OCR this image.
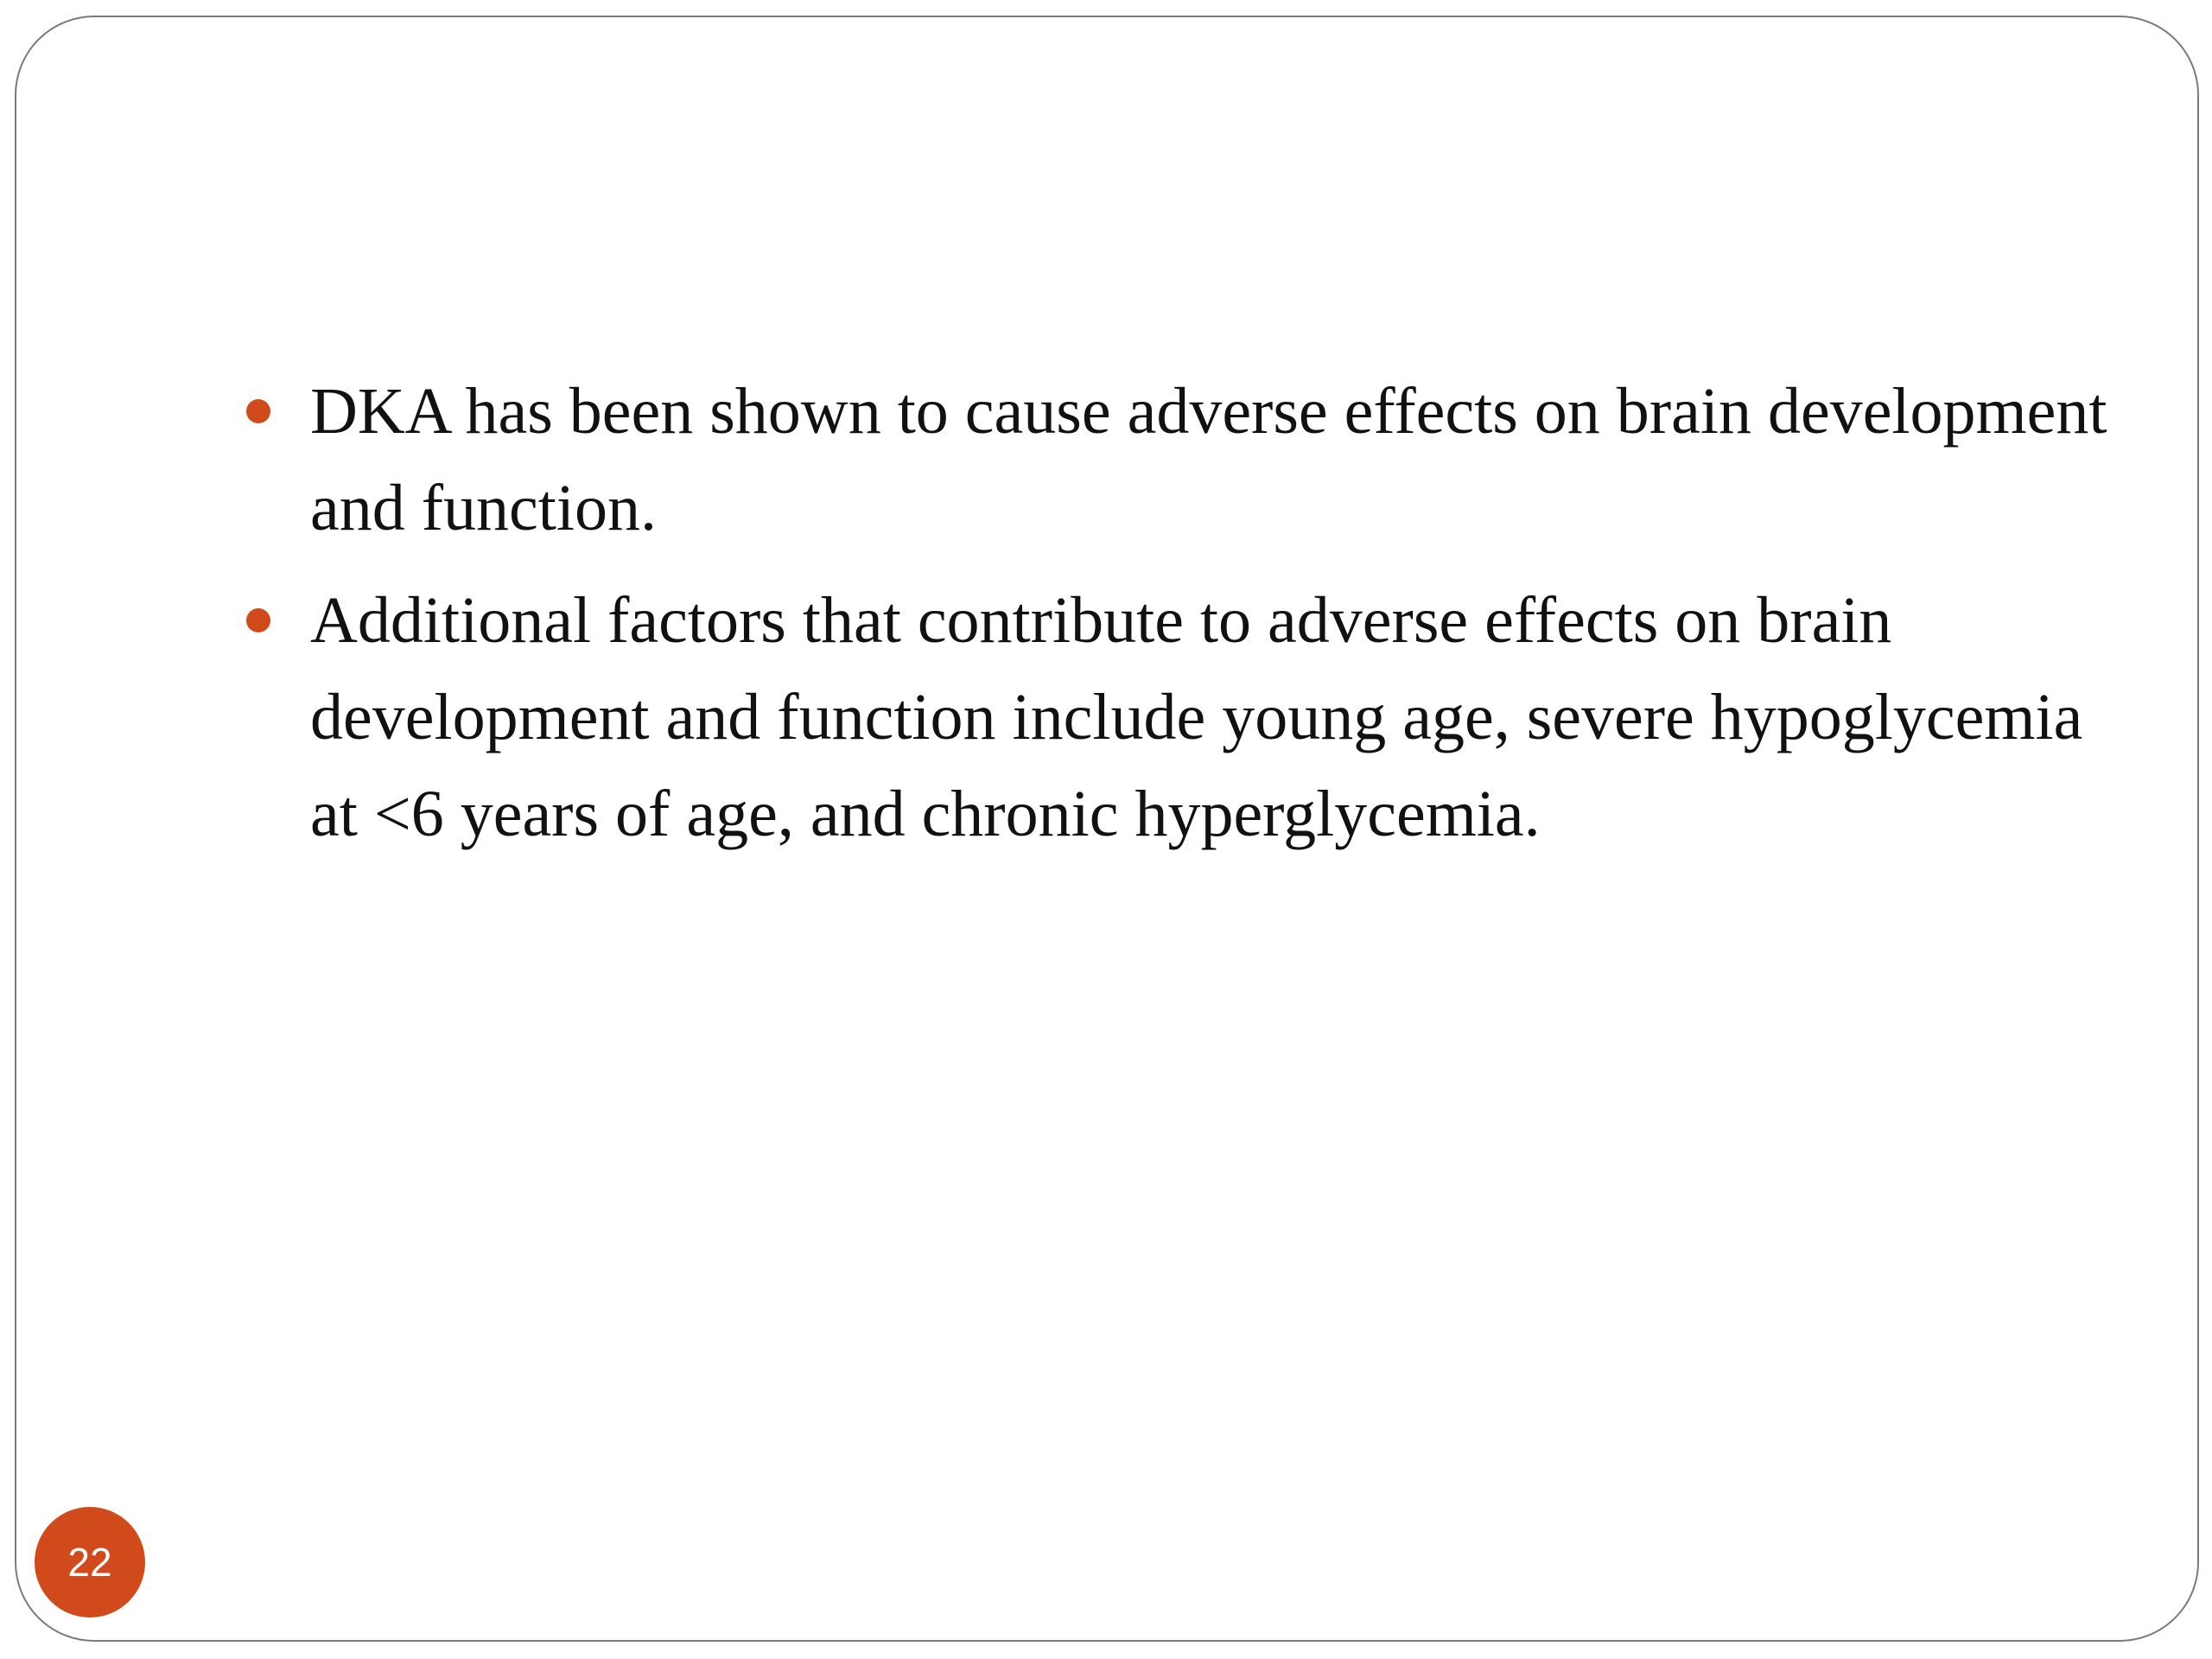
DKA has been shown to cause adverse effects on brain development and function.
Additional factors that contribute to adverse effects on brain development and function include young age, severe hypoglycemia at <6 years of age, and chronic hyperglycemia.
22
